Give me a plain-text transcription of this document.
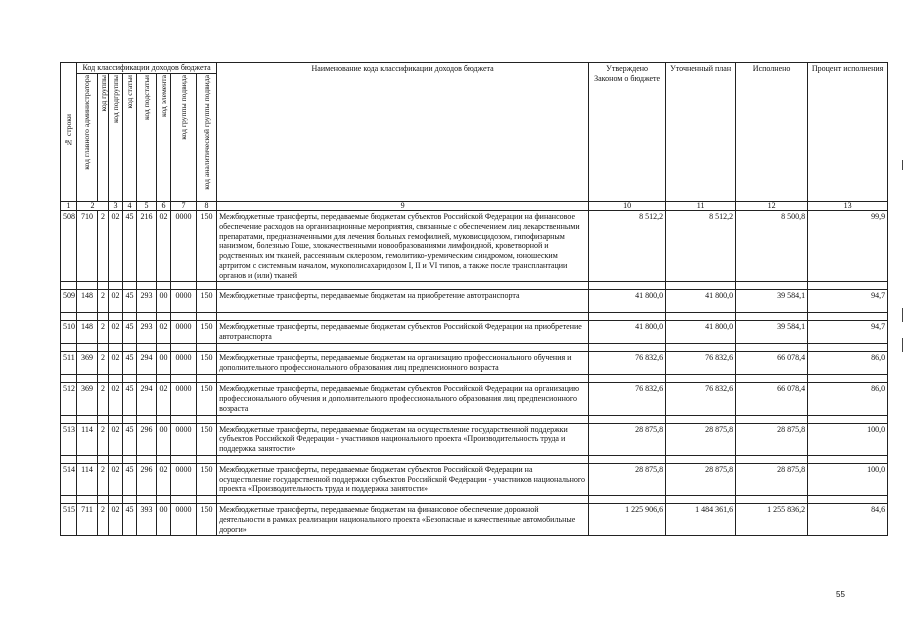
№ строки	Код классификации доходов бюджета								Наименование кода классификации доходов бюджета	Утверждено Законом о бюджете	Уточненный план	Исполнено	Процент исполнения
	код главного администратора	код группы	код подгруппы	код статьи	код подстатьи	код элемента	код группы подвида	код аналитической группы подвида					
1	2		3	4	5	6	7	8	9	10	11	12	13
508	710	2	02	45	216	02	0000	150	Межбюджетные трансферты, передаваемые бюджетам субъектов Российской Федерации на финансовое обеспечение расходов на организационные мероприятия, связанные с обеспечением лиц лекарственными препаратами, предназначенными для лечения больных гемофилией, муковисцидозом, гипофизарным нанизмом, болезнью Гоше, злокачественными новообразованиями лимфоидной, кроветворной и родственных им тканей, рассеянным склерозом, гемолитико-уремическим синдромом, юношеским артритом с системным началом, мукополисахаридозом I, II и VI типов, а также после трансплантации органов и (или) тканей	8 512,2	8 512,2	8 500,8	99,9

509	148	2	02	45	293	00	0000	150	Межбюджетные трансферты, передаваемые бюджетам на приобретение автотранспорта	41 800,0	41 800,0	39 584,1	94,7

510	148	2	02	45	293	02	0000	150	Межбюджетные трансферты, передаваемые бюджетам субъектов Российской Федерации на приобретение автотранспорта	41 800,0	41 800,0	39 584,1	94,7

511	369	2	02	45	294	00	0000	150	Межбюджетные трансферты, передаваемые бюджетам на организацию профессионального обучения и дополнительного профессионального образования лиц предпенсионного возраста	76 832,6	76 832,6	66 078,4	86,0

512	369	2	02	45	294	02	0000	150	Межбюджетные трансферты, передаваемые бюджетам субъектов Российской Федерации на организацию профессионального обучения и дополнительного профессионального образования лиц предпенсионного возраста	76 832,6	76 832,6	66 078,4	86,0

513	114	2	02	45	296	00	0000	150	Межбюджетные трансферты, передаваемые бюджетам на осуществление государственной поддержки субъектов Российской Федерации - участников национального проекта «Производительность труда и поддержка занятости»	28 875,8	28 875,8	28 875,8	100,0

514	114	2	02	45	296	02	0000	150	Межбюджетные трансферты, передаваемые бюджетам субъектов Российской Федерации на осуществление государственной поддержки субъектов Российской Федерации - участников национального проекта «Производительность труда и поддержка занятости»	28 875,8	28 875,8	28 875,8	100,0

515	711	2	02	45	393	00	0000	150	Межбюджетные трансферты, передаваемые бюджетам на финансовое обеспечение дорожной деятельности в рамках реализации национального проекта «Безопасные и качественные автомобильные дороги»	1 225 906,6	1 484 361,6	1 255 836,2	84,6
55
